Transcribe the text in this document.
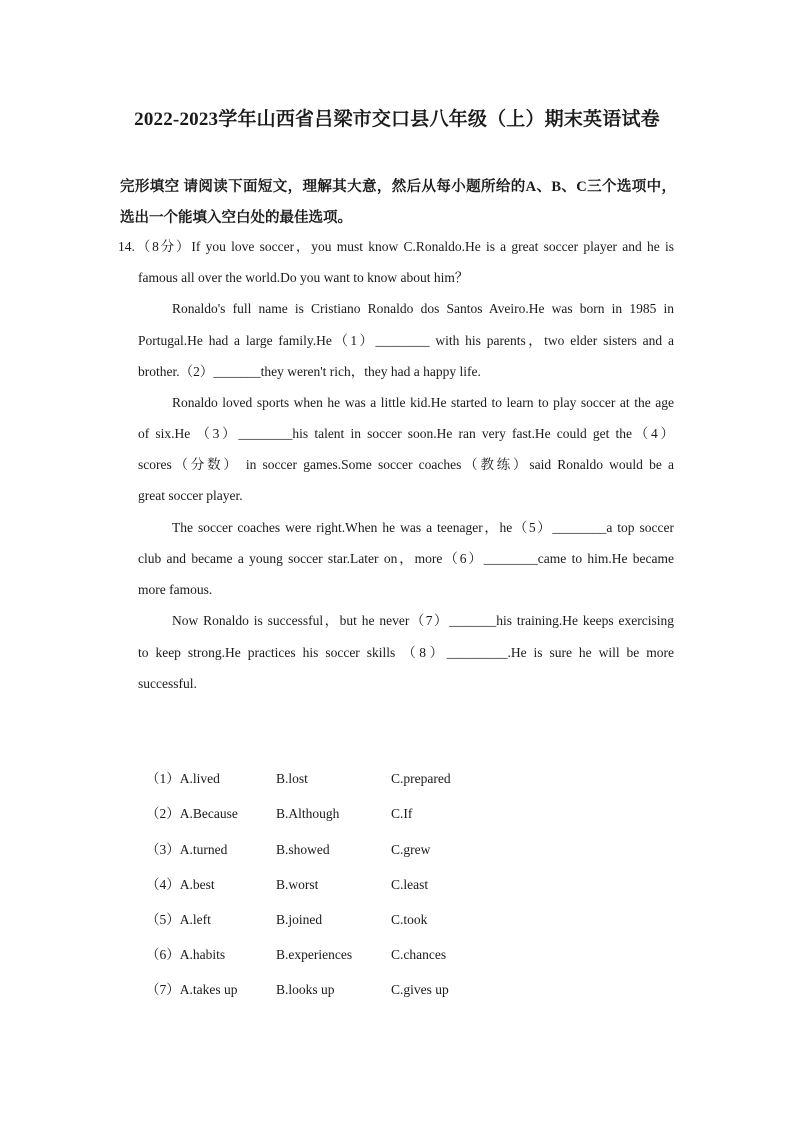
2022-2023学年山西省吕梁市交口县八年级（上）期末英语试卷
完形填空 请阅读下面短文，理解其大意，然后从每小题所给的A、B、C三个选项中，选出一个能填入空白处的最佳选项。
14.（8分）If you love soccer，you must know C.Ronaldo.He is a great soccer player and he is
famous all over the world.Do you want to know about him？
Ronaldo's full name is Cristiano Ronaldo dos Santos Aveiro.He was born in 1985 in
Portugal.He had a large family.He（1）________ with his parents，two elder sisters and a
brother.（2）_______they weren't rich，they had a happy life.
Ronaldo loved sports when he was a little kid.He started to learn to play soccer at the age
of six.He （3）________his talent in soccer soon.He ran very fast.He could get the（4）
scores（分数） in soccer games.Some soccer coaches（教练）said Ronaldo would be a
great soccer player.
The soccer coaches were right.When he was a teenager，he（5）________a top soccer
club and became a young soccer star.Later on，more（6）________came to him.He became
more famous.
Now Ronaldo is successful，but he never（7）_______his training.He keeps exercising
to keep strong.He practices his soccer skills （8）_________.He is sure he will be more
successful.
（1）A.lived	B.lost	C.prepared
（2）A.Because	B.Although	C.If
（3）A.turned	B.showed	C.grew
（4）A.best	B.worst	C.least
（5）A.left	B.joined	C.took
（6）A.habits	B.experiences	C.chances
（7）A.takes up	B.looks up	C.gives up
